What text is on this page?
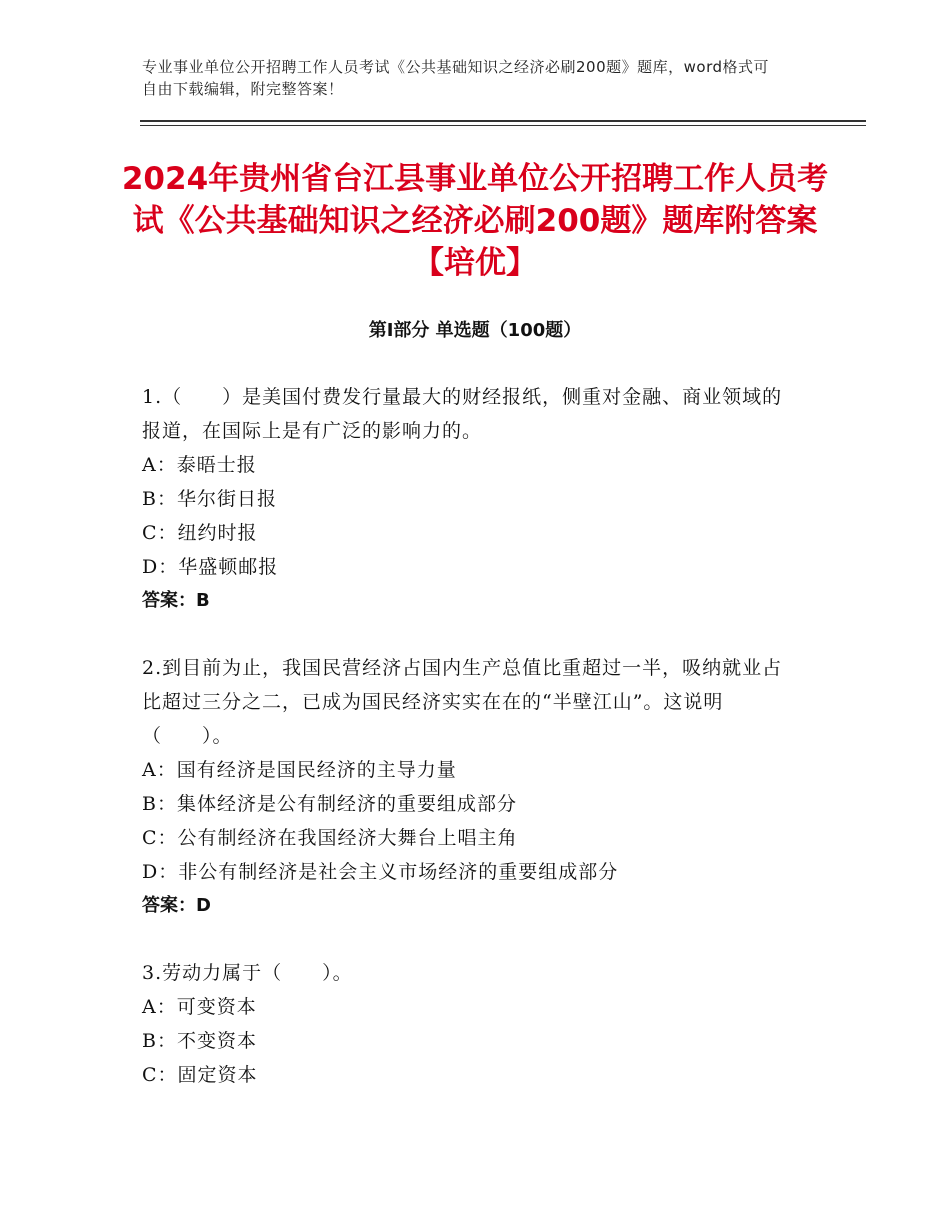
专业事业单位公开招聘工作人员考试《公共基础知识之经济必刷200题》题库，word格式可自由下载编辑，附完整答案！
2024年贵州省台江县事业单位公开招聘工作人员考试《公共基础知识之经济必刷200题》题库附答案【培优】
第Ⅰ部分 单选题（100题）
1.（　　）是美国付费发行量最大的财经报纸，侧重对金融、商业领域的报道，在国际上是有广泛的影响力的。
A：泰晤士报
B：华尔街日报
C：纽约时报
D：华盛顿邮报
答案：B
2.到目前为止，我国民营经济占国内生产总值比重超过一半，吸纳就业占比超过三分之二，已成为国民经济实实在在的“半壁江山”。这说明（　　）。
A：国有经济是国民经济的主导力量
B：集体经济是公有制经济的重要组成部分
C：公有制经济在我国经济大舞台上唱主角
D：非公有制经济是社会主义市场经济的重要组成部分
答案：D
3.劳动力属于（　　）。
A：可变资本
B：不变资本
C：固定资本
